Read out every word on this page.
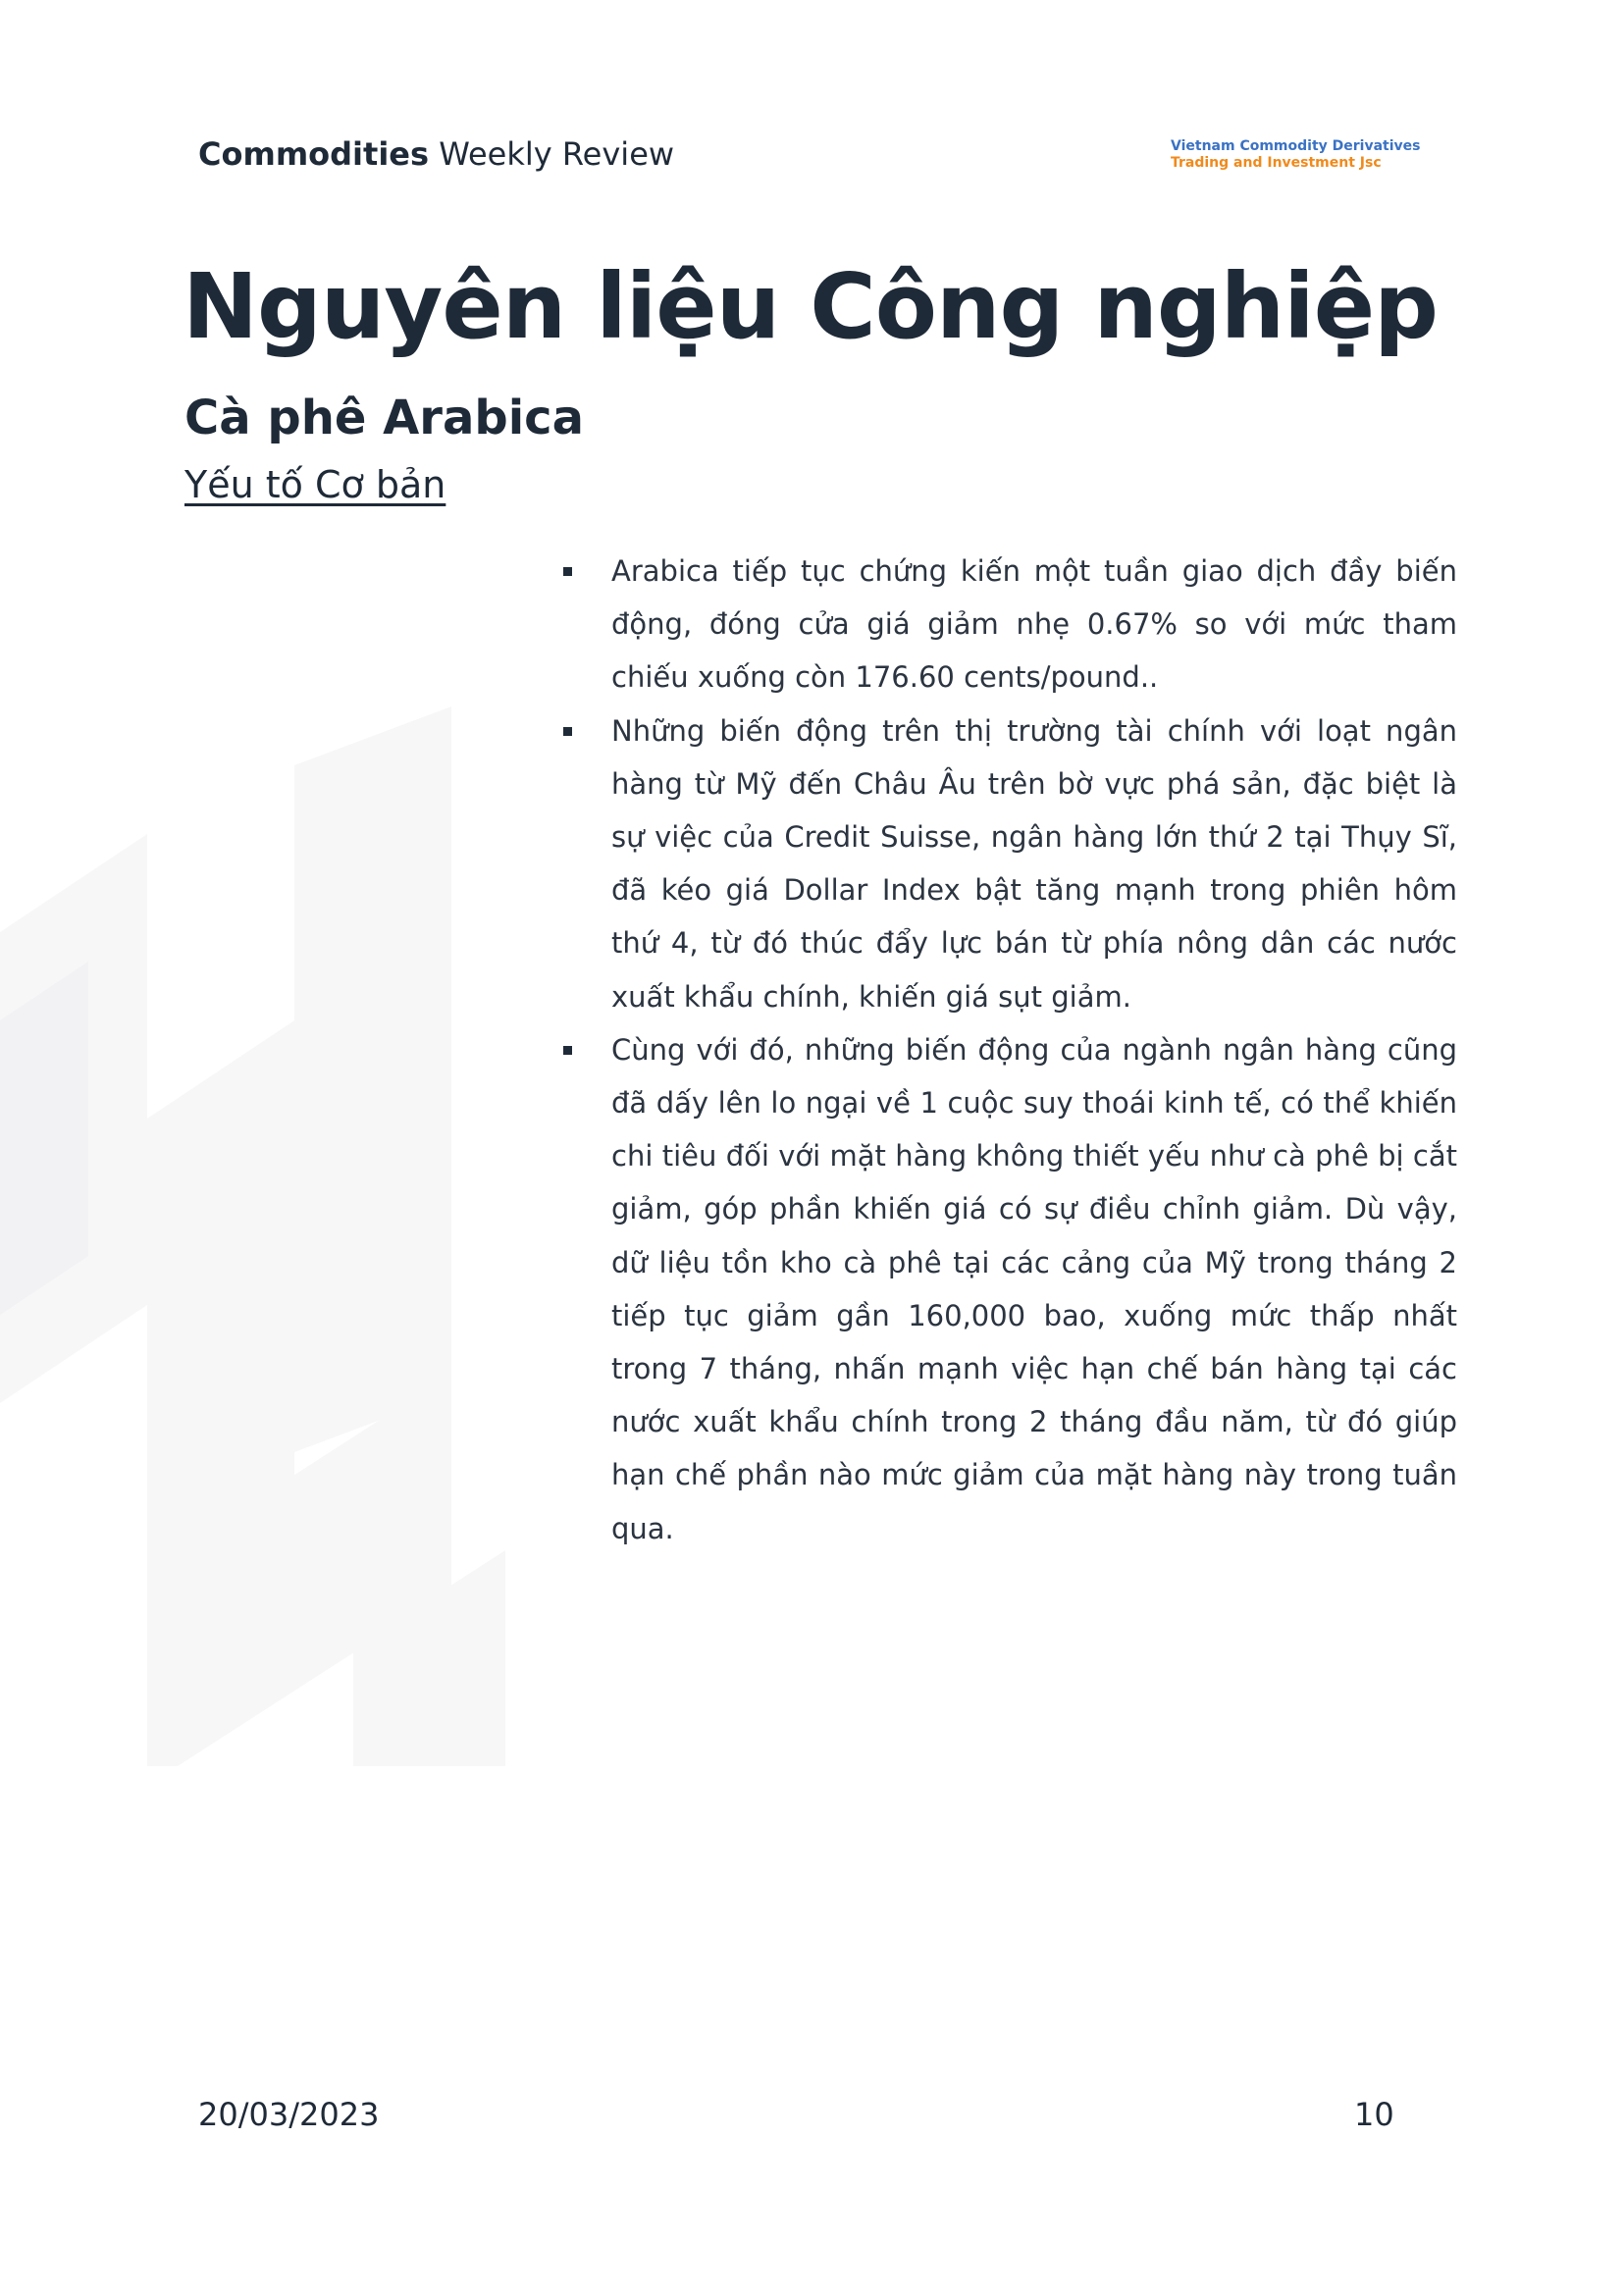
Commodities Weekly Review	Vietnam Commodity Derivatives
Trading and Investment Jsc
Nguyên liệu Công nghiệp
Cà phê Arabica
Yếu tố Cơ bản
Arabica tiếp tục chứng kiến một tuần giao dịch đầy biến động, đóng cửa giá giảm nhẹ 0.67% so với mức tham chiếu xuống còn 176.60 cents/pound..
Những biến động trên thị trường tài chính với loạt ngân hàng từ Mỹ đến Châu Âu trên bờ vực phá sản, đặc biệt là sự việc của Credit Suisse, ngân hàng lớn thứ 2 tại Thụy Sĩ, đã kéo giá Dollar Index bật tăng mạnh trong phiên hôm thứ 4, từ đó thúc đẩy lực bán từ phía nông dân các nước xuất khẩu chính, khiến giá sụt giảm.
Cùng với đó, những biến động của ngành ngân hàng cũng đã dấy lên lo ngại về 1 cuộc suy thoái kinh tế, có thể khiến chi tiêu đối với mặt hàng không thiết yếu như cà phê bị cắt giảm, góp phần khiến giá có sự điều chỉnh giảm. Dù vậy, dữ liệu tồn kho cà phê tại các cảng của Mỹ trong tháng 2 tiếp tục giảm gần 160,000 bao, xuống mức thấp nhất trong 7 tháng, nhấn mạnh việc hạn chế bán hàng tại các nước xuất khẩu chính trong 2 tháng đầu năm, từ đó giúp hạn chế phần nào mức giảm của mặt hàng này trong tuần qua.
20/03/2023	10
